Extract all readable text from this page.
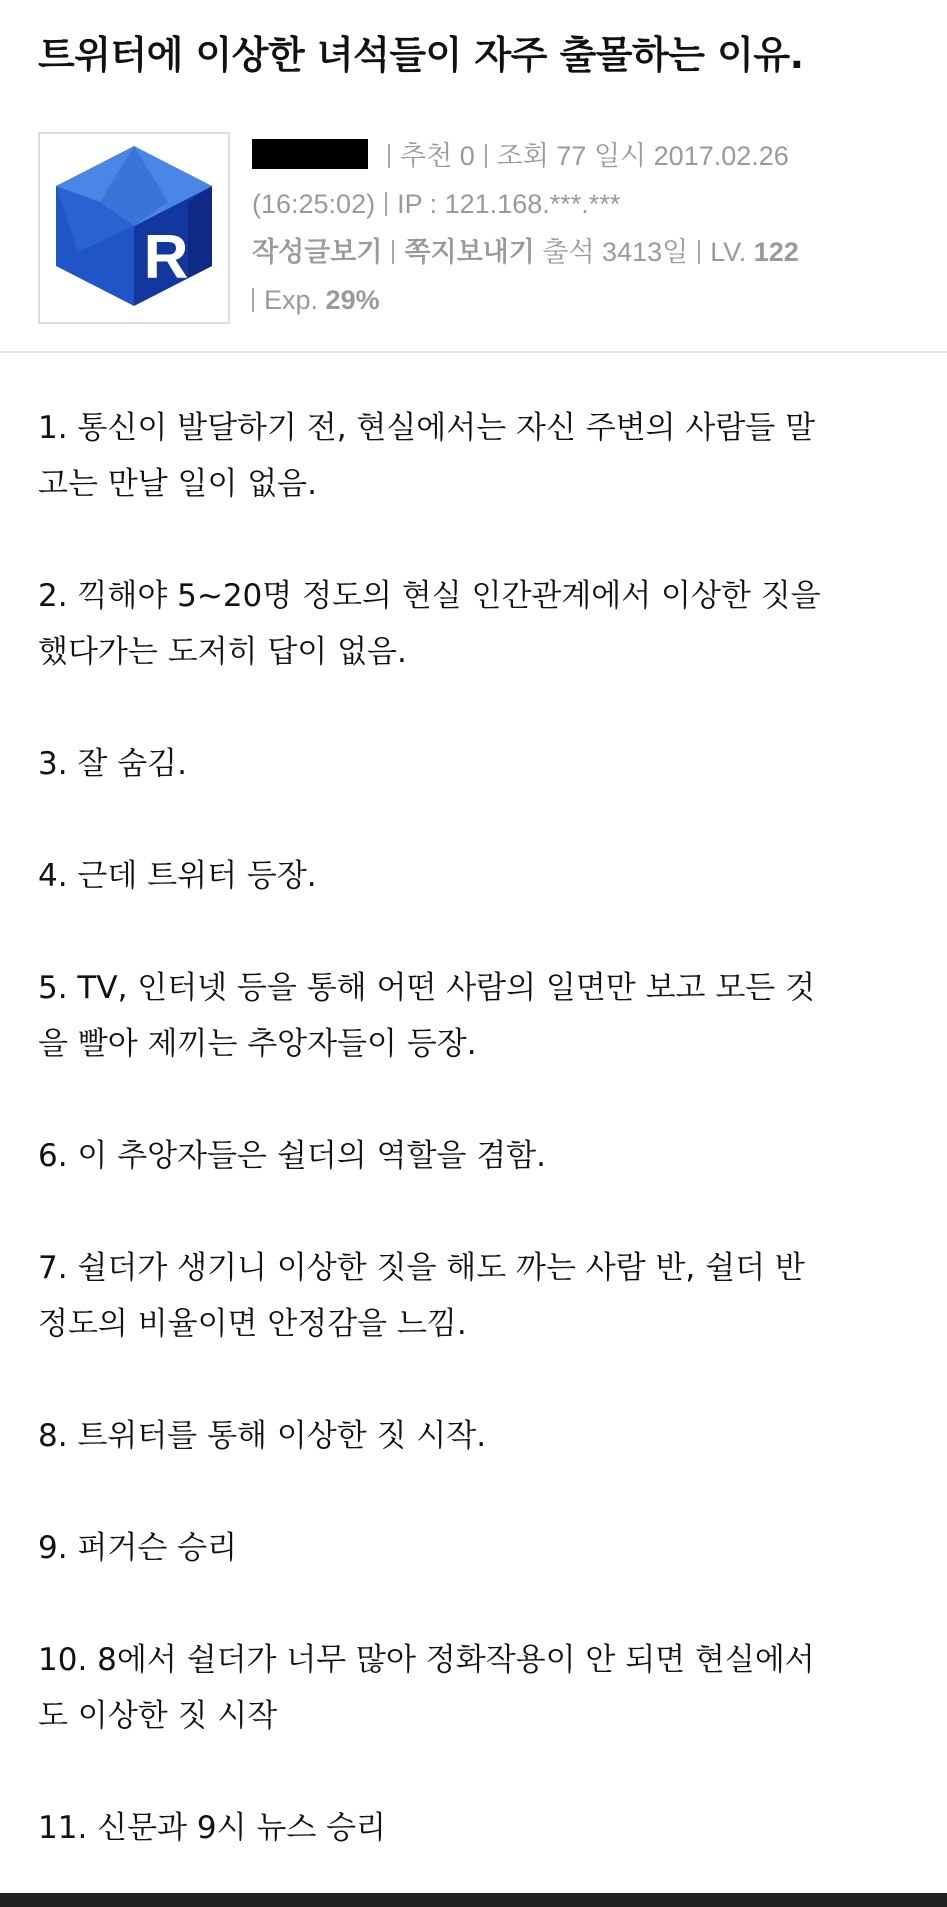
트위터에 이상한 녀석들이 자주 출몰하는 이유.
R
추천 0 조회 77 일시 2017.02.26
(16:25:02) IP : 121.168.***.***
작성글보기 쪽지보내기 출석 3413일 LV. 122
Exp. 29%

1. 통신이 발달하기 전, 현실에서는 자신 주변의 사람들 말

고는 만날 일이 없음.

2. 끽해야 5~20명 정도의 현실 인간관계에서 이상한 짓을

했다가는 도저히 답이 없음.

3. 잘 숨김.

4. 근데 트위터 등장.

5. TV, 인터넷 등을 통해 어떤 사람의 일면만 보고 모든 것

을 빨아 제끼는 추앙자들이 등장.

6. 이 추앙자들은 쉴더의 역할을 겸함.

7. 쉴더가 생기니 이상한 짓을 해도 까는 사람 반, 쉴더 반

정도의 비율이면 안정감을 느낌.

8. 트위터를 통해 이상한 짓 시작.

9. 퍼거슨 승리

10. 8에서 쉴더가 너무 많아 정화작용이 안 되면 현실에서

도 이상한 짓 시작

11. 신문과 9시 뉴스 승리
